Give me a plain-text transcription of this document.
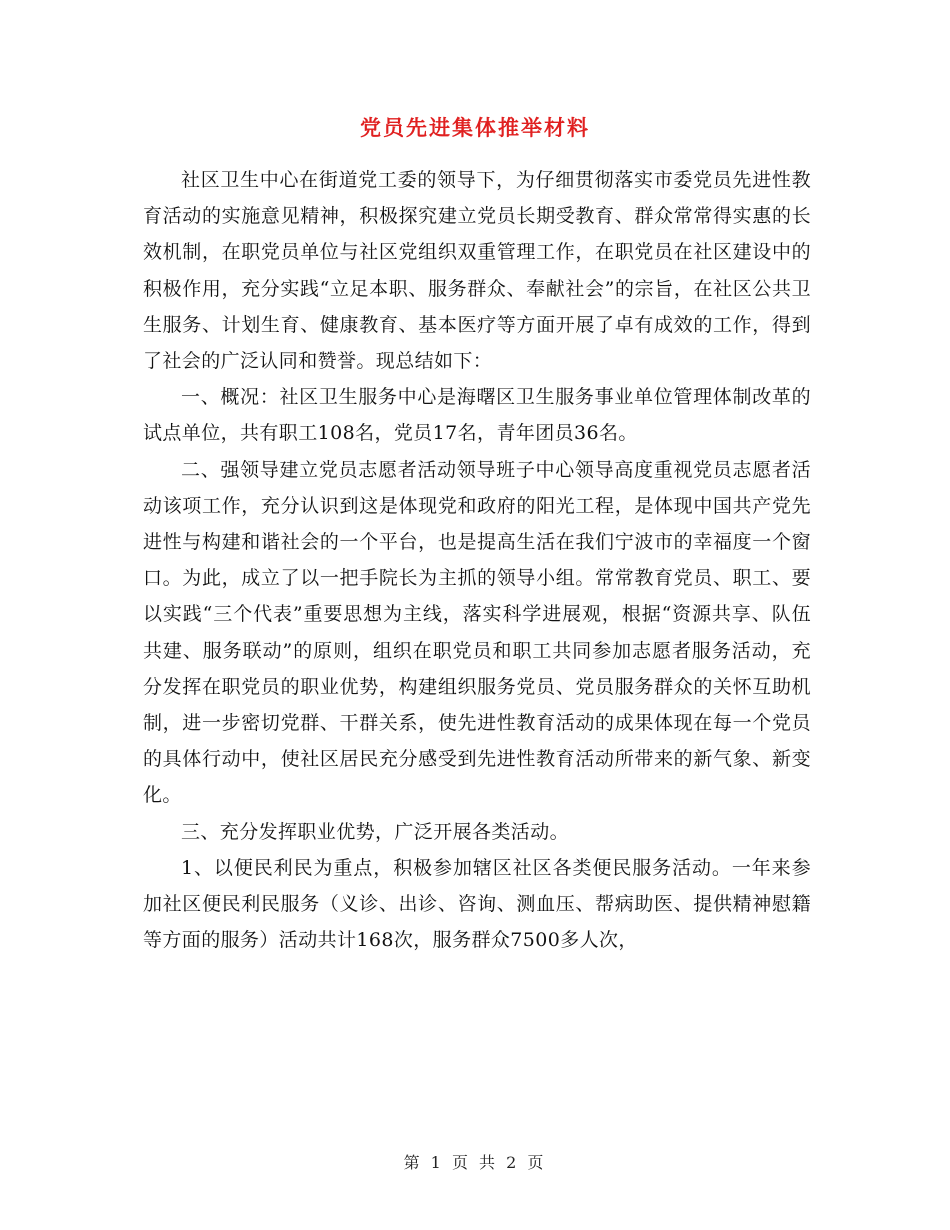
党员先进集体推举材料

社区卫生中心在街道党工委的领导下，为仔细贯彻落实市委党员先进性教育活动的实施意见精神，积极探究建立党员长期受教育、群众常常得实惠的长效机制，在职党员单位与社区党组织双重管理工作，在职党员在社区建设中的积极作用，充分实践“立足本职、服务群众、奉献社会”的宗旨，在社区公共卫生服务、计划生育、健康教育、基本医疗等方面开展了卓有成效的工作，得到了社会的广泛认同和赞誉。现总结如下：

一、概况：社区卫生服务中心是海曙区卫生服务事业单位管理体制改革的试点单位，共有职工108名，党员17名，青年团员36名。

二、强领导建立党员志愿者活动领导班子中心领导高度重视党员志愿者活动该项工作，充分认识到这是体现党和政府的阳光工程，是体现中国共产党先进性与构建和谐社会的一个平台，也是提高生活在我们宁波市的幸福度一个窗口。为此，成立了以一把手院长为主抓的领导小组。常常教育党员、职工、要以实践“三个代表”重要思想为主线，落实科学进展观，根据“资源共享、队伍共建、服务联动”的原则，组织在职党员和职工共同参加志愿者服务活动，充分发挥在职党员的职业优势，构建组织服务党员、党员服务群众的关怀互助机制，进一步密切党群、干群关系，使先进性教育活动的成果体现在每一个党员的具体行动中，使社区居民充分感受到先进性教育活动所带来的新气象、新变化。

三、充分发挥职业优势，广泛开展各类活动。

1、以便民利民为重点，积极参加辖区社区各类便民服务活动。一年来参加社区便民利民服务（义诊、出诊、咨询、测血压、帮病助医、提供精神慰籍等方面的服务）活动共计168次，服务群众7500多人次，

第 1 页 共 2 页
